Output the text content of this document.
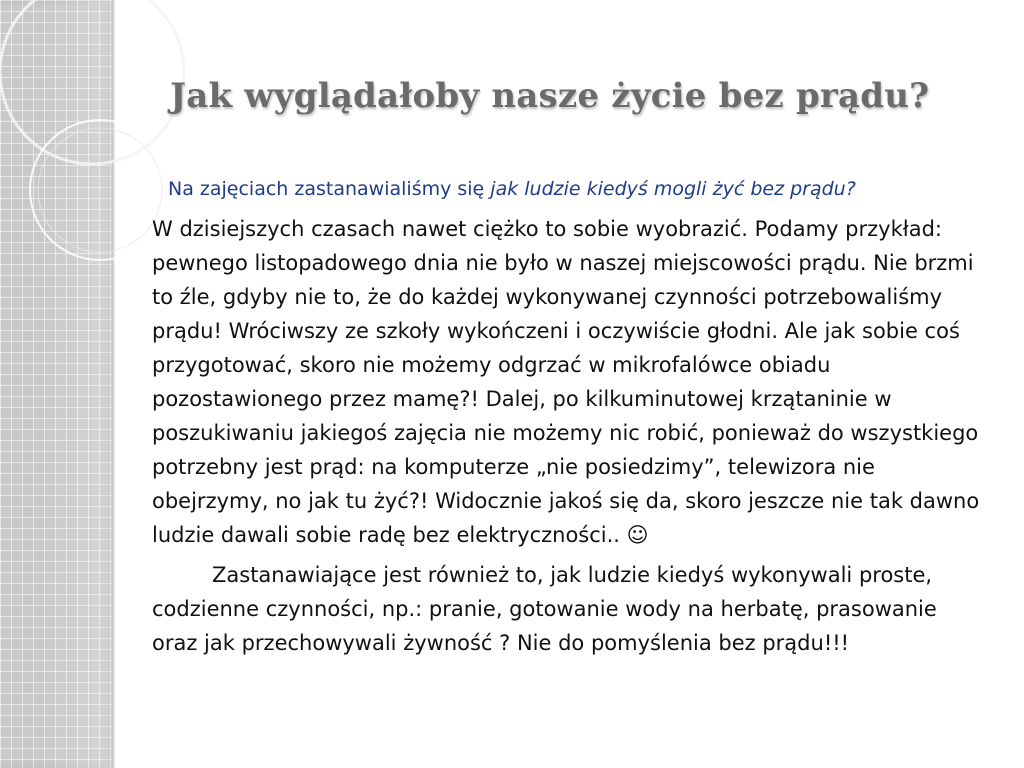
Jak wyglądałoby nasze życie bez prądu?
Na zajęciach zastanawialiśmy się jak ludzie kiedyś mogli żyć bez prądu?

W dzisiejszych czasach nawet ciężko to sobie wyobrazić. Podamy przykład: pewnego listopadowego dnia nie było w naszej miejscowości prądu. Nie brzmi to źle, gdyby nie to, że do każdej wykonywanej czynności potrzebowaliśmy prądu! Wróciwszy ze szkoły wykończeni i oczywiście głodni. Ale jak sobie coś przygotować, skoro nie możemy odgrzać w mikrofalówce obiadu pozostawionego przez mamę?! Dalej, po kilkuminutowej krzątaninie w poszukiwaniu jakiegoś zajęcia nie możemy nic robić, ponieważ do wszystkiego potrzebny jest prąd: na komputerze „nie posiedzimy”, telewizora nie obejrzymy, no jak tu żyć?! Widocznie jakoś się da, skoro jeszcze nie tak dawno ludzie dawali sobie radę bez elektryczności.. ☺

Zastanawiające jest również to, jak ludzie kiedyś wykonywali proste, codzienne czynności, np.: pranie, gotowanie wody na herbatę, prasowanie oraz jak przechowywali żywność ? Nie do pomyślenia bez prądu!!!
